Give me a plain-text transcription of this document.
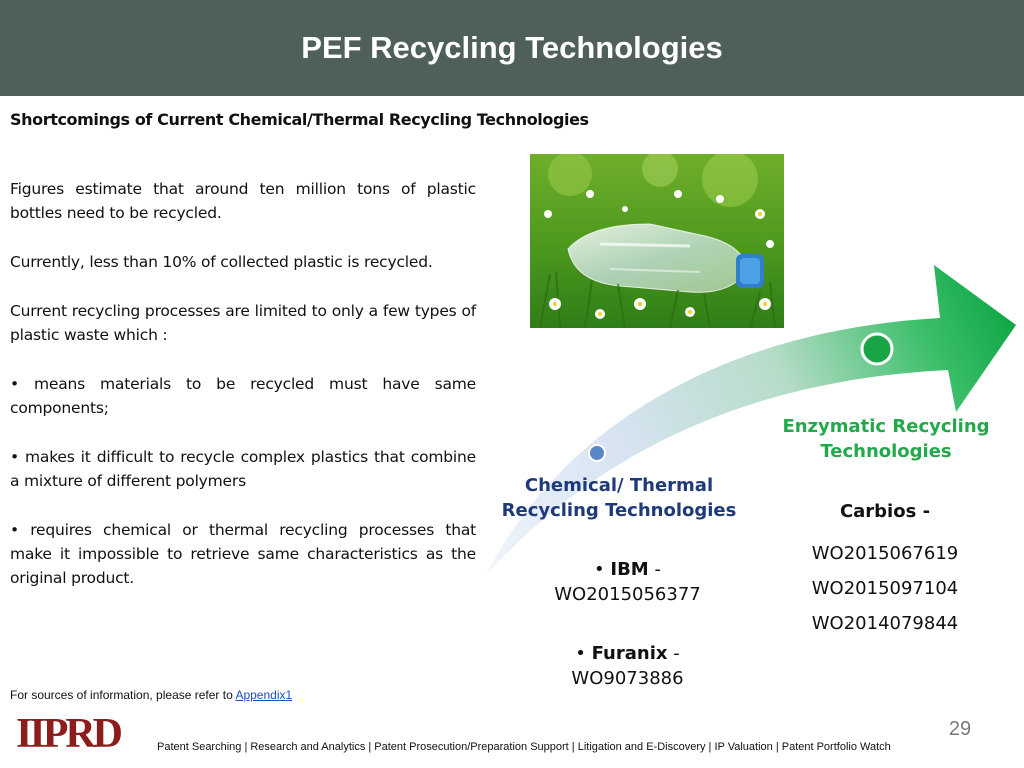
PEF Recycling Technologies
Shortcomings of Current Chemical/Thermal Recycling Technologies

Figures estimate that around ten million tons of plastic bottles need to be recycled.

Currently, less than 10% of collected plastic is recycled.

Current recycling processes are limited to only a few types of plastic waste which :

• means materials to be recycled must have same components;

• makes it difficult to recycle complex plastics that combine a mixture of different polymers

• requires chemical or thermal recycling processes that make it impossible to retrieve same characteristics as the original product.

Chemical/ Thermal Recycling Technologies
• IBM -
WO2015056377
• Furanix -
WO9073886
Enzymatic Recycling Technologies
Carbios -
WO2015067619
WO2015097104
WO2014079844
For sources of information, please refer to Appendix1
IIPRD	29
Patent Searching | Research and Analytics | Patent Prosecution/Preparation Support | Litigation and E-Discovery | IP Valuation | Patent Portfolio Watch
